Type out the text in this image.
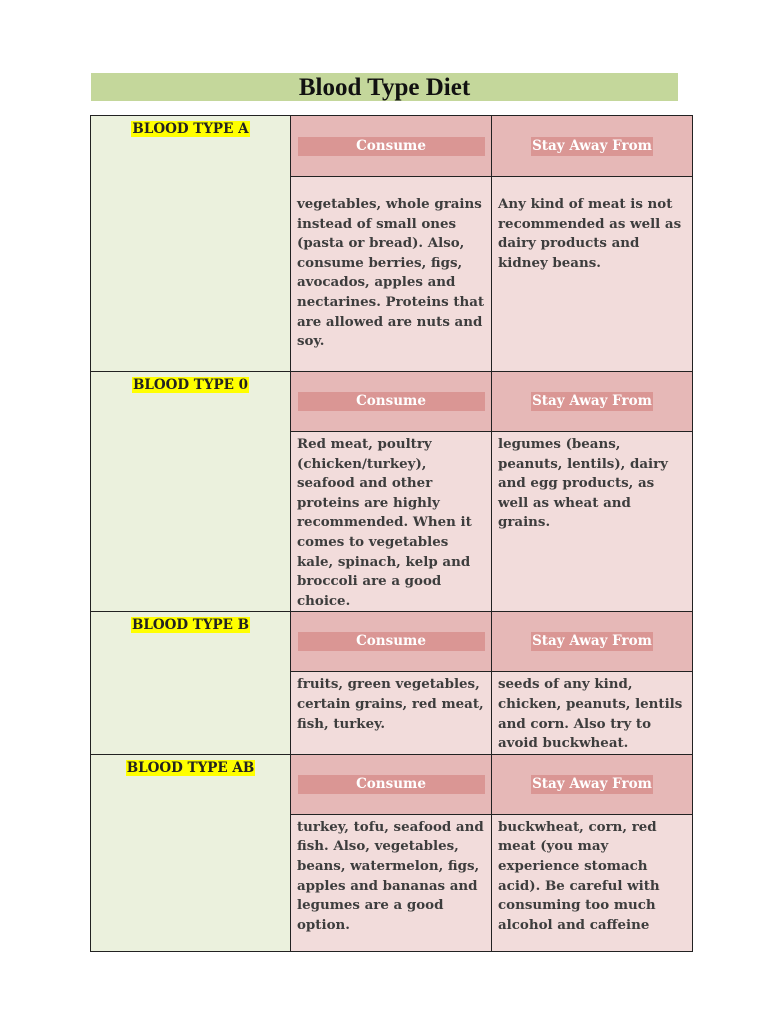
Blood Type Diet
BLOOD TYPE A	Consume	Stay Away From

	vegetables, whole grains instead of small ones (pasta or bread). Also, consume berries, figs, avocados, apples and nectarines. Proteins that are allowed are nuts and soy.	Any kind of meat is not recommended as well as dairy products and kidney beans.

BLOOD TYPE 0	Consume	Stay Away From

	Red meat, poultry (chicken/turkey), seafood and other proteins are highly recommended. When it comes to vegetables kale, spinach, kelp and broccoli are a good choice.	legumes (beans, peanuts, lentils), dairy and egg products, as well as wheat and grains.

BLOOD TYPE B	Consume	Stay Away From

	fruits, green vegetables, certain grains, red meat, fish, turkey.	seeds of any kind, chicken, peanuts, lentils and corn. Also try to avoid buckwheat.

BLOOD TYPE AB	Consume	Stay Away From

	turkey, tofu, seafood and fish. Also, vegetables, beans, watermelon, figs, apples and bananas and legumes are a good option.	buckwheat, corn, red meat (you may experience stomach acid). Be careful with consuming too much alcohol and caffeine
